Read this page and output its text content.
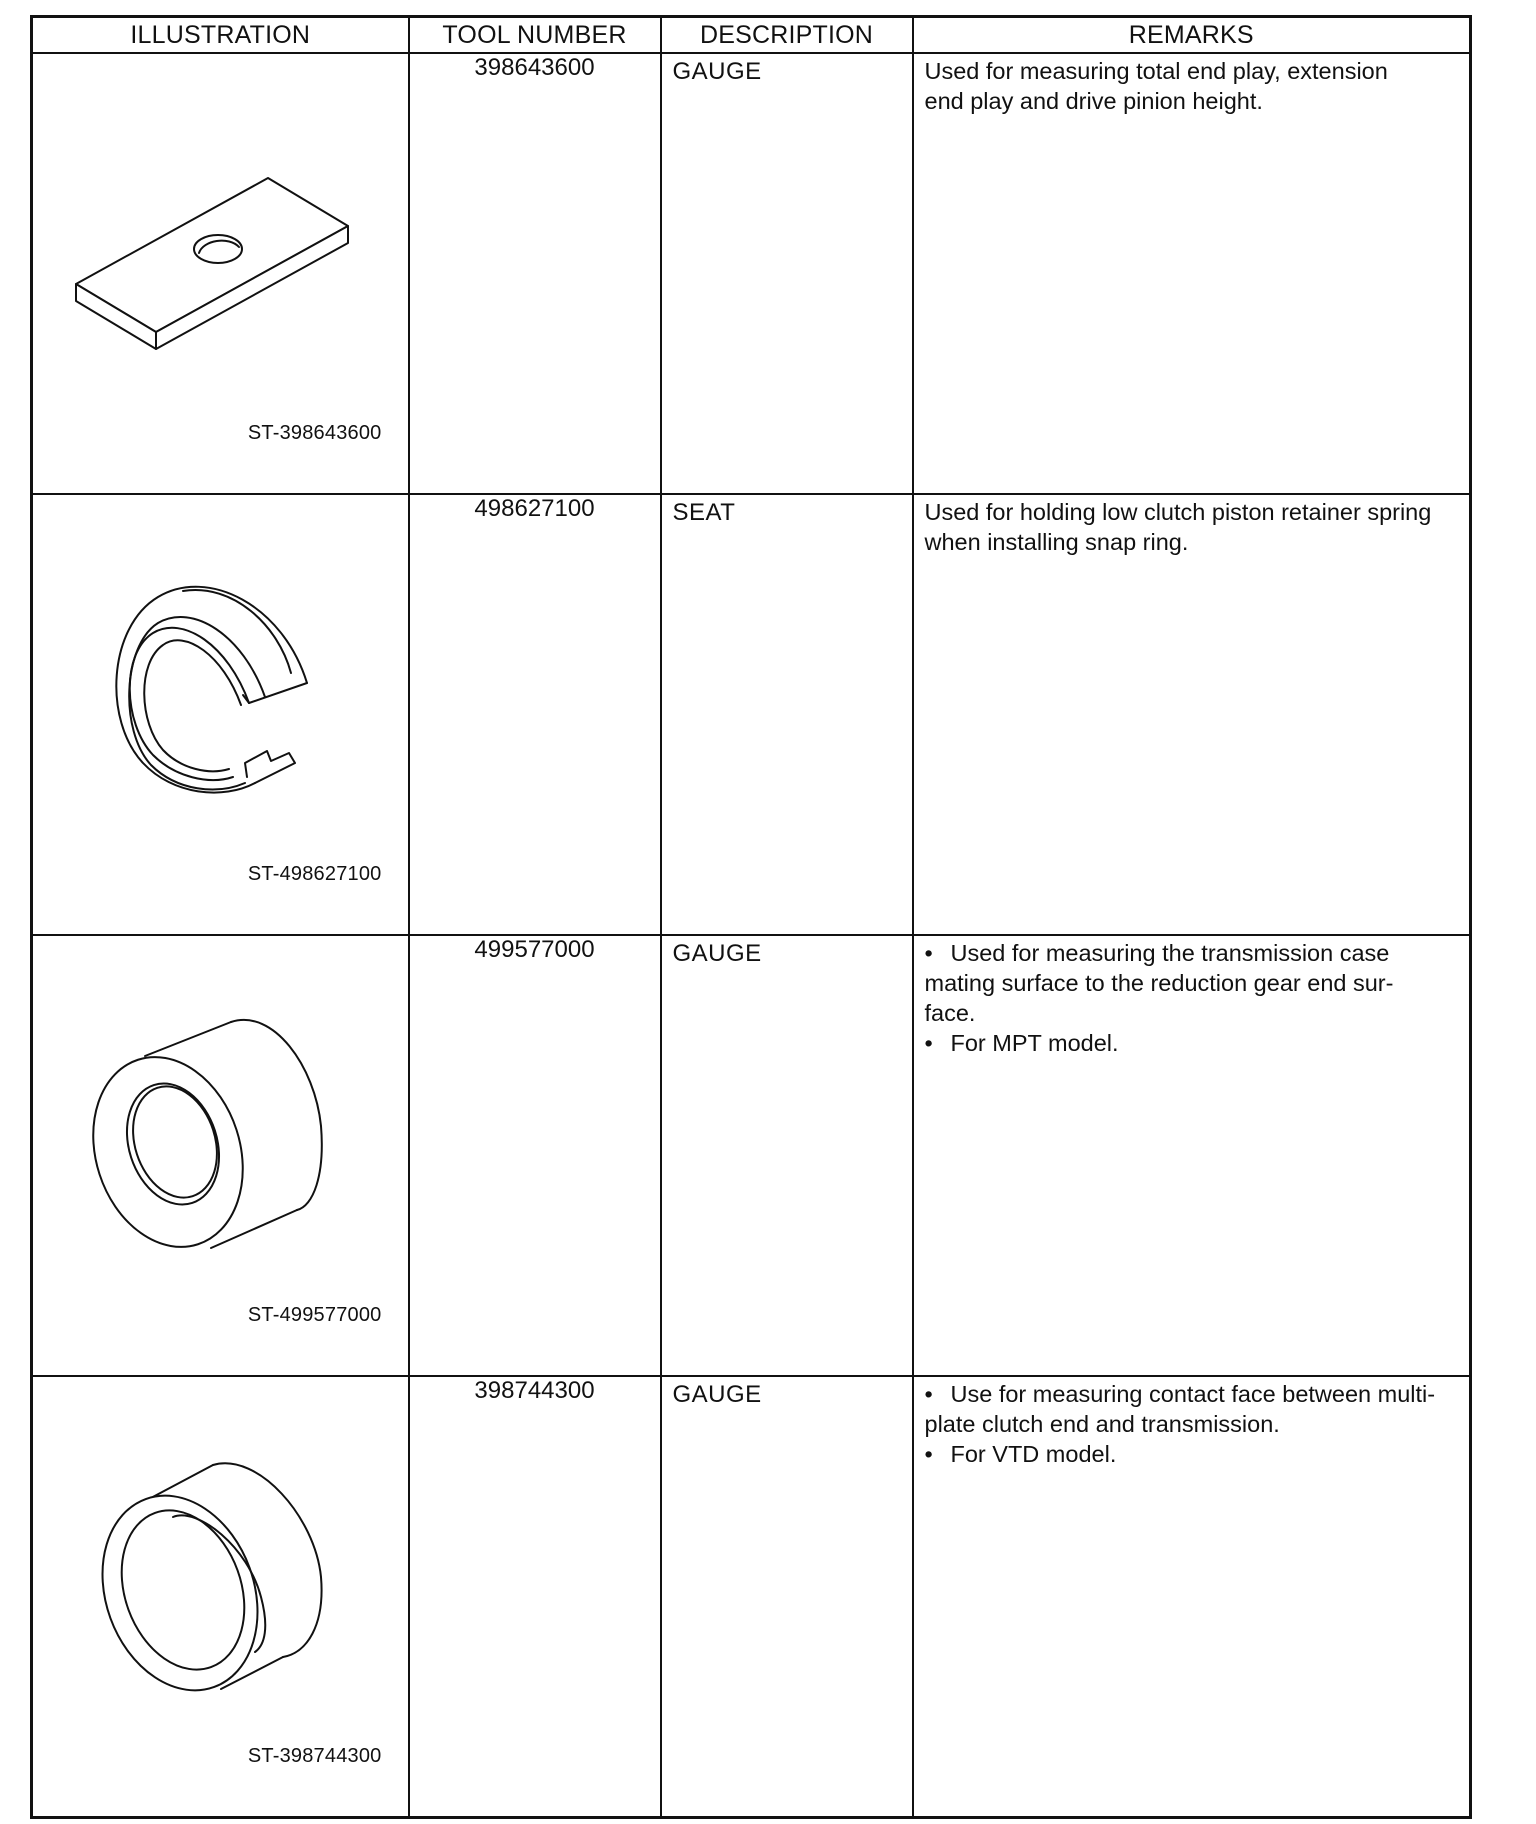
ILLUSTRATION	TOOL NUMBER	DESCRIPTION	REMARKS

ST-398643600	398643600	GAUGE	Used for measuring total end play, extension
end play and drive pinion height.

ST-498627100	498627100	SEAT	Used for holding low clutch piston retainer spring
when installing snap ring.

ST-499577000	499577000	GAUGE	• Used for measuring the transmission case

mating surface to the reduction gear end sur-
face.
• For MPT model.

ST-398744300	398744300	GAUGE	• Use for measuring contact face between multi-

plate clutch end and transmission.
• For VTD model.
